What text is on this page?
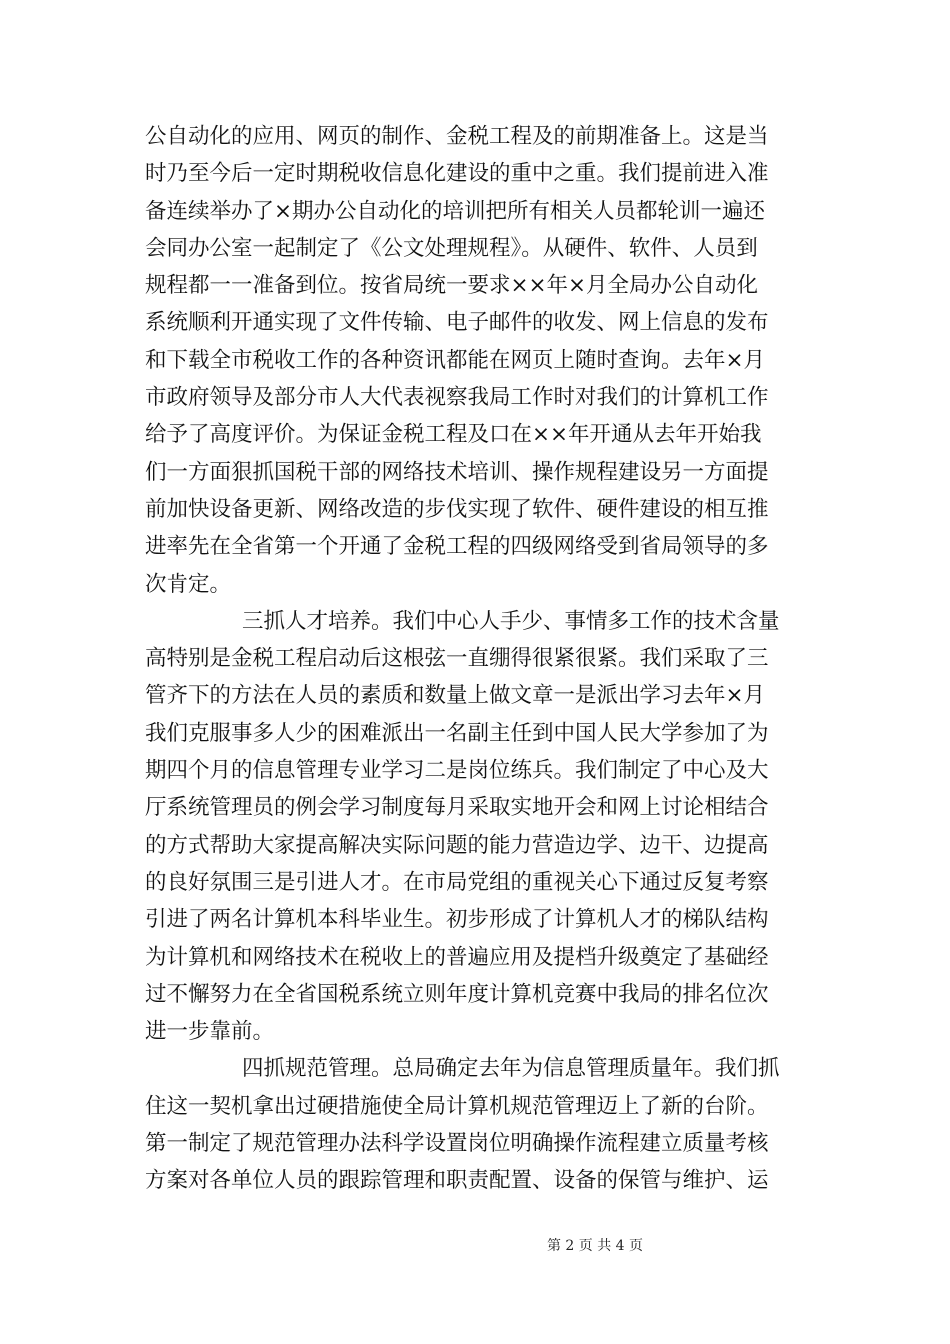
公自动化的应用、网页的制作、金税工程及的前期准备上。这是当
时乃至今后一定时期税收信息化建设的重中之重。我们提前进入准
备连续举办了×期办公自动化的培训把所有相关人员都轮训一遍还
会同办公室一起制定了《公文处理规程》。从硬件、软件、人员到
规程都一一准备到位。按省局统一要求××年×月全局办公自动化
系统顺利开通实现了文件传输、电子邮件的收发、网上信息的发布
和下载全市税收工作的各种资讯都能在网页上随时查询。去年×月
市政府领导及部分市人大代表视察我局工作时对我们的计算机工作
给予了高度评价。为保证金税工程及口在××年开通从去年开始我
们一方面狠抓国税干部的网络技术培训、操作规程建设另一方面提
前加快设备更新、网络改造的步伐实现了软件、硬件建设的相互推
进率先在全省第一个开通了金税工程的四级网络受到省局领导的多
次肯定。
三抓人才培养。我们中心人手少、事情多工作的技术含量
高特别是金税工程启动后这根弦一直绷得很紧很紧。我们采取了三
管齐下的方法在人员的素质和数量上做文章一是派出学习去年×月
我们克服事多人少的困难派出一名副主任到中国人民大学参加了为
期四个月的信息管理专业学习二是岗位练兵。我们制定了中心及大
厅系统管理员的例会学习制度每月采取实地开会和网上讨论相结合
的方式帮助大家提高解决实际问题的能力营造边学、边干、边提高
的良好氛围三是引进人才。在市局党组的重视关心下通过反复考察
引进了两名计算机本科毕业生。初步形成了计算机人才的梯队结构
为计算机和网络技术在税收上的普遍应用及提档升级奠定了基础经
过不懈努力在全省国税系统立则年度计算机竞赛中我局的排名位次
进一步靠前。
四抓规范管理。总局确定去年为信息管理质量年。我们抓
住这一契机拿出过硬措施使全局计算机规范管理迈上了新的台阶。
第一制定了规范管理办法科学设置岗位明确操作流程建立质量考核
方案对各单位人员的跟踪管理和职责配置、设备的保管与维护、运
第 2 页 共 4 页
